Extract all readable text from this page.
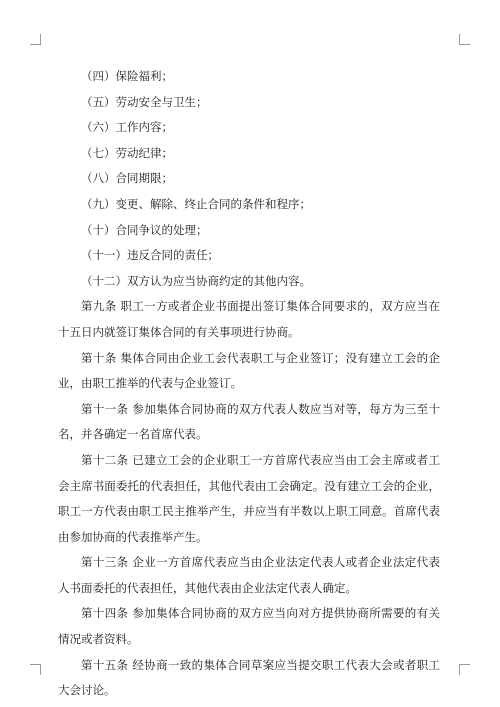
（四）保险福利；

（五）劳动安全与卫生；

（六）工作内容；

（七）劳动纪律；

（八）合同期限；

（九）变更、解除、终止合同的条件和程序；

（十）合同争议的处理；

（十一）违反合同的责任；

（十二）双方认为应当协商约定的其他内容。

第九条 职工一方或者企业书面提出签订集体合同要求的，双方应当在十五日内就签订集体合同的有关事项进行协商。

第十条 集体合同由企业工会代表职工与企业签订；没有建立工会的企业，由职工推举的代表与企业签订。

第十一条 参加集体合同协商的双方代表人数应当对等，每方为三至十名，并各确定一名首席代表。

第十二条 已建立工会的企业职工一方首席代表应当由工会主席或者工会主席书面委托的代表担任，其他代表由工会确定。没有建立工会的企业，职工一方代表由职工民主推举产生，并应当有半数以上职工同意。首席代表由参加协商的代表推举产生。

第十三条 企业一方首席代表应当由企业法定代表人或者企业法定代表人书面委托的代表担任，其他代表由企业法定代表人确定。

第十四条 参加集体合同协商的双方应当向对方提供协商所需要的有关情况或者资料。

第十五条 经协商一致的集体合同草案应当提交职工代表大会或者职工大会讨论。
